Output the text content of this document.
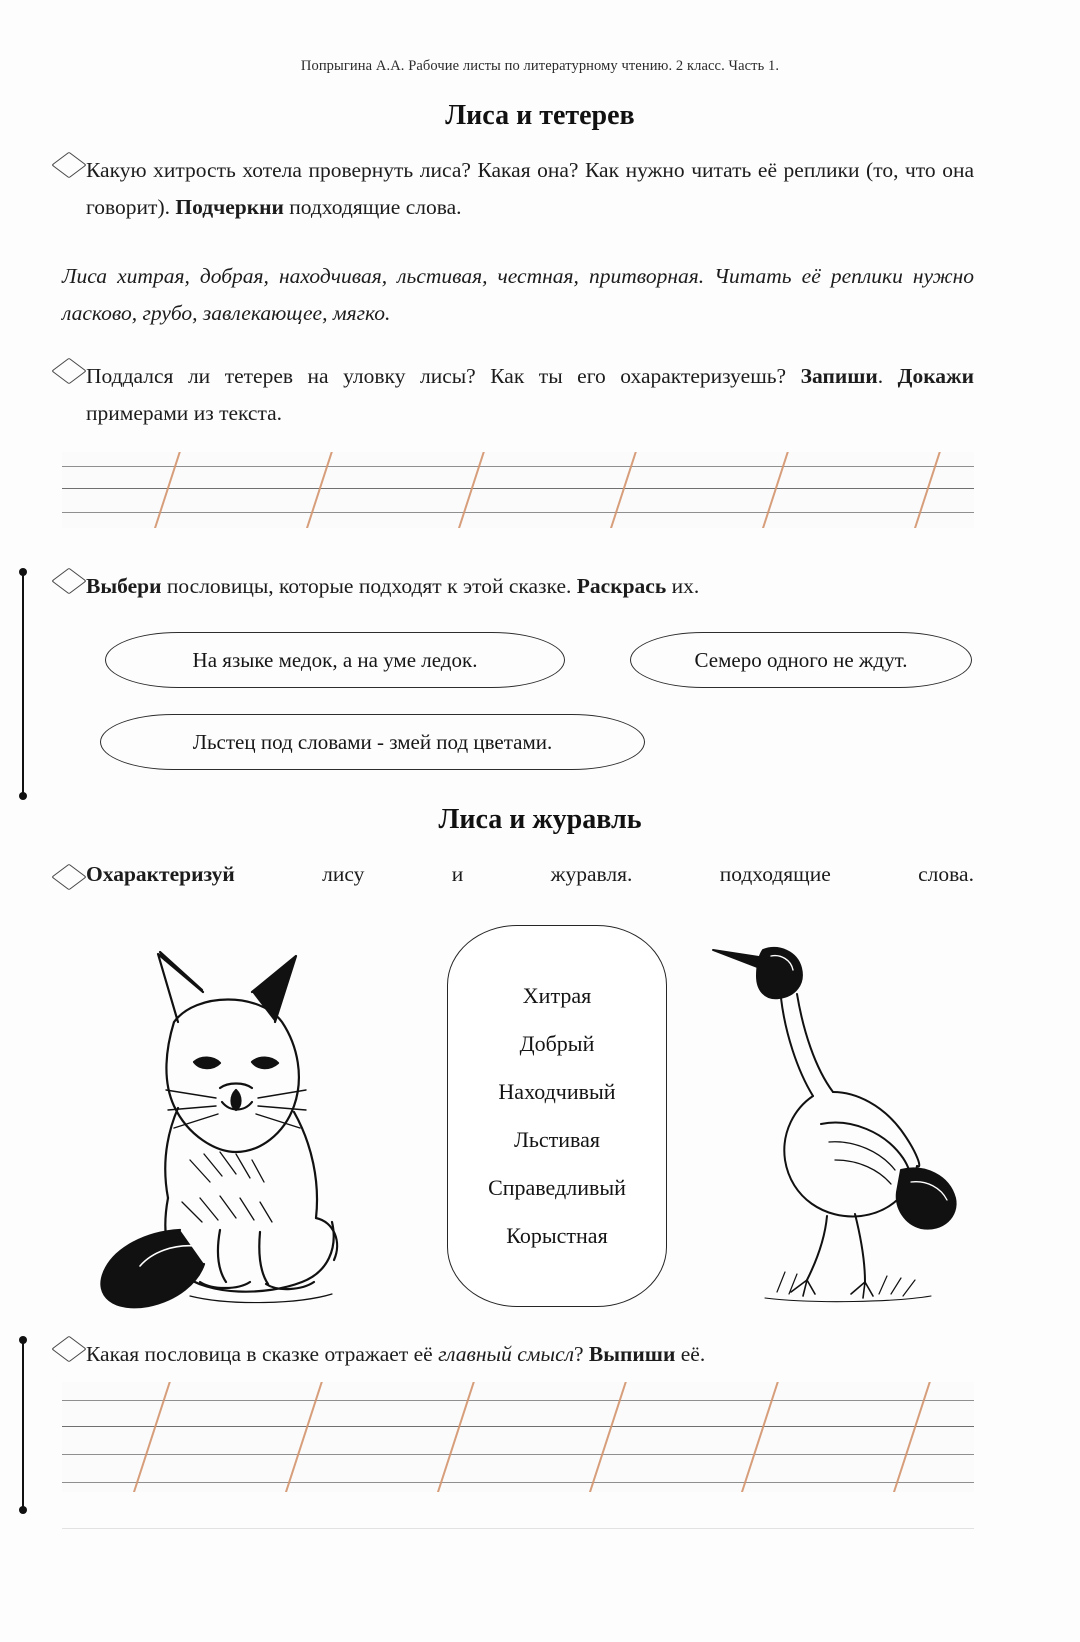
Попрыгина А.А. Рабочие листы по литературному чтению. 2 класс. Часть 1.
Лиса и тетерев
Какую хитрость хотела провернуть лиса? Какая она? Как нужно читать её реплики (то, что она говорит). Подчеркни подходящие слова.
Лиса хитрая, добрая, находчивая, льстивая, честная, притворная. Читать её реплики нужно ласково, грубо, завлекающее, мягко.
Поддался ли тетерев на уловку лисы? Как ты его охарактеризуешь? Запиши. Докажи примерами из текста.
Выбери пословицы, которые подходят к этой сказке. Раскрась их.
На языке медок, а на уме ледок.	Семеро одного не ждут.
Льстец под словами - змей под цветами.
Лиса и журавль
Охарактеризуй	лису	и	журавля.	подходящие	слова.
Хитрая
Добрый
Находчивый
Льстивая
Справедливый
Корыстная
Какая пословица в сказке отражает её главный смысл? Выпиши её.
